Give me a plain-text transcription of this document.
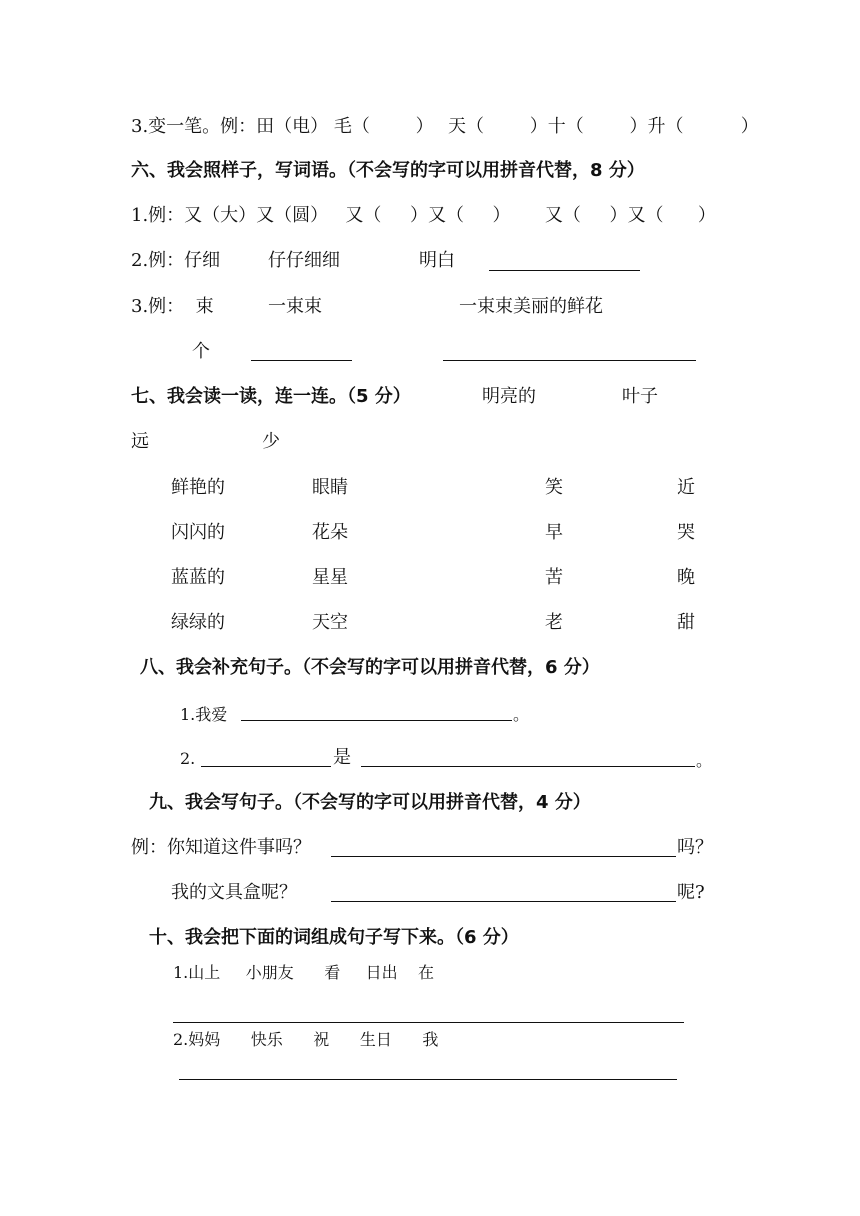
3.变一笔。例：田（电） 毛（        ） 天（        ）十（        ）升（          ）
六、我会照样子，写词语。（不会写的字可以用拼音代替，8 分）
1.例：又（大）又（圆）   又（     ）又（     ）      又（     ）又（      ）
2.例：仔细	仔仔细细	明白
3.例：  束	一束束	一束束美丽的鲜花
个
七、我会读一读，连一连。（5 分）	明亮的	叶子
远	少
鲜艳的	眼睛	笑	近
闪闪的	花朵	早	哭
蓝蓝的	星星	苦	晚
绿绿的	天空	老	甜
八、我会补充句子。（不会写的字可以用拼音代替，6 分）
1.我爱	。
2.	是	。
九、我会写句子。（不会写的字可以用拼音代替，4 分）
例：你知道这件事吗？	吗？
我的文具盒呢？	呢?
十、我会把下面的词组成句子写下来。（6 分）
1.山上     小朋友      看     日出    在
2.妈妈      快乐      祝      生日      我
